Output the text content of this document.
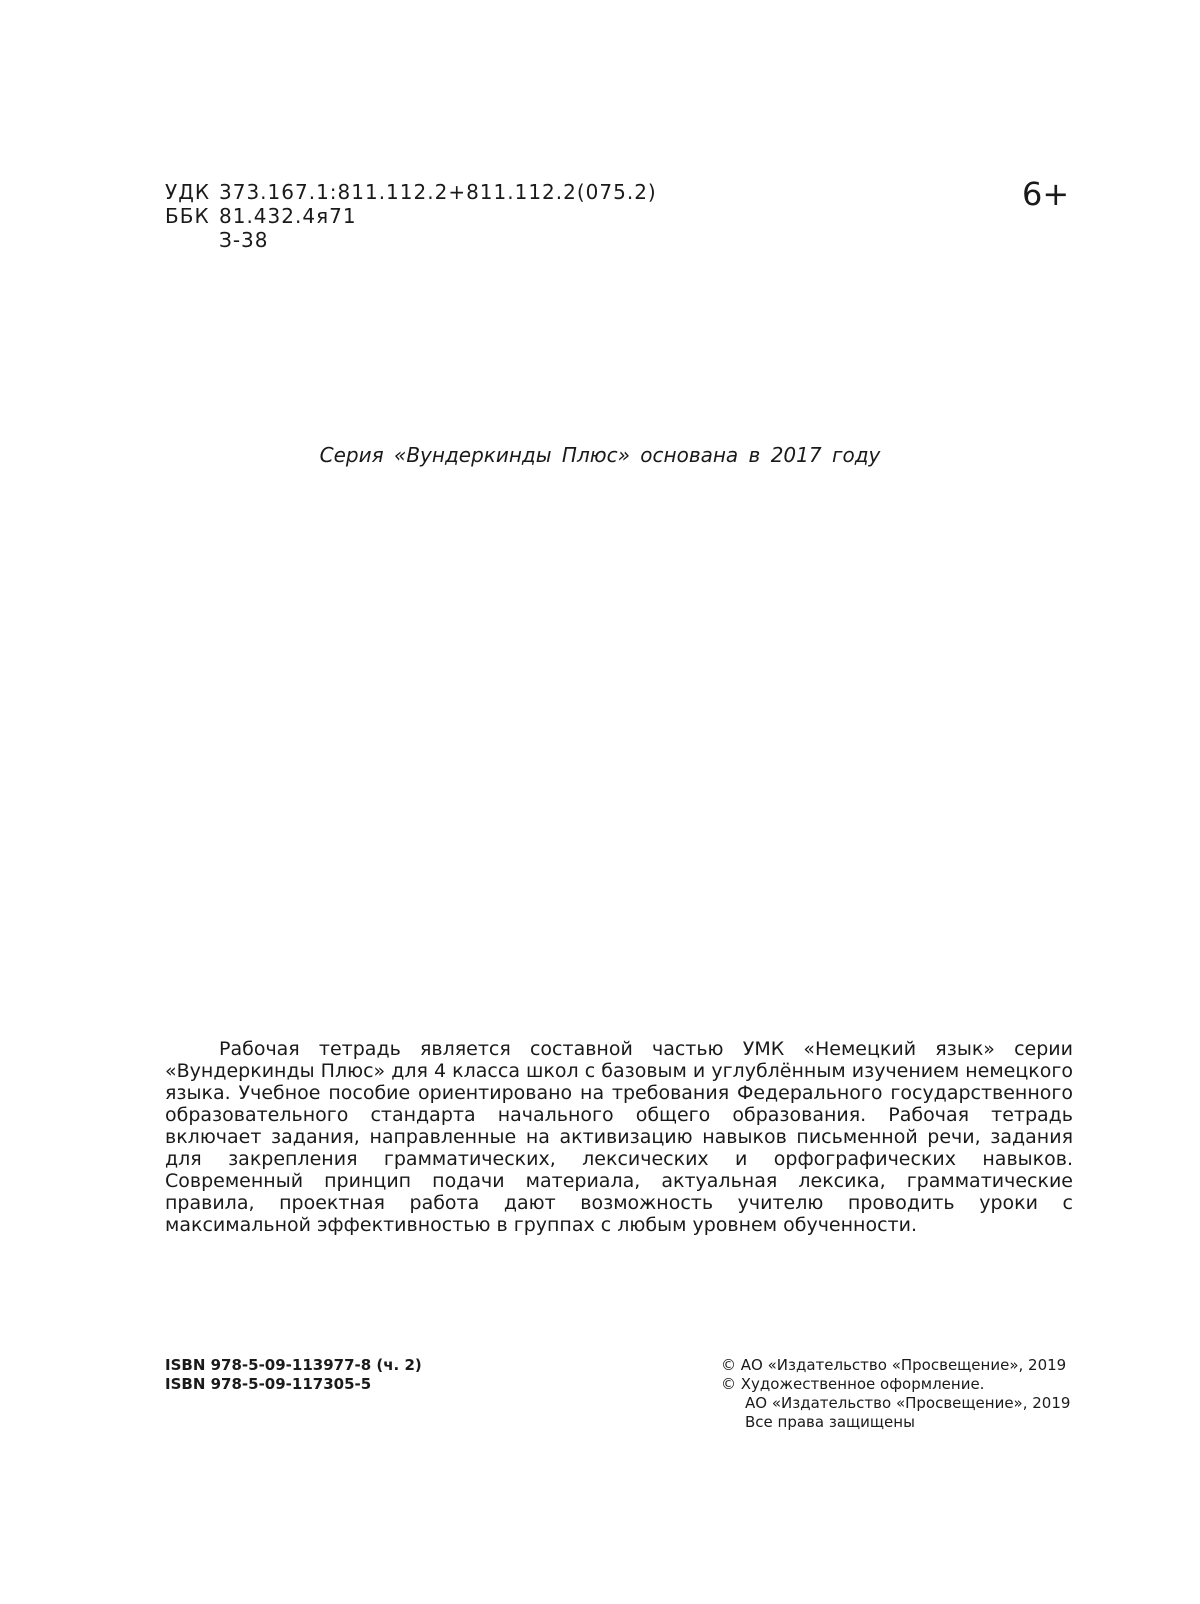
УДК 373.167.1:811.112.2+811.112.2(075.2)
ББК 81.432.4я71
З-38
6+
Серия «Вундеркинды Плюс» основана в 2017 году

Рабочая тетрадь является составной частью УМК «Немецкий язык» серии «Вундеркинды Плюс» для 4 класса школ с базовым и углублённым изучением немецкого языка. Учебное пособие ориентировано на требования Федерального государственного образовательного стандарта начального общего образования. Рабочая тетрадь включает задания, направленные на активизацию навыков письменной речи, задания для закрепления грамматических, лексических и орфографических навыков. Современный принцип подачи материала, актуальная лексика, грамматические правила, проектная работа дают возможность учителю проводить уроки с максимальной эффективностью в группах с любым уровнем обученности.

ISBN 978-5-09-113977-8 (ч. 2)
ISBN 978-5-09-117305-5
© АО «Издательство «Просвещение», 2019
© Художественное оформление.
АО «Издательство «Просвещение», 2019
Все права защищены
